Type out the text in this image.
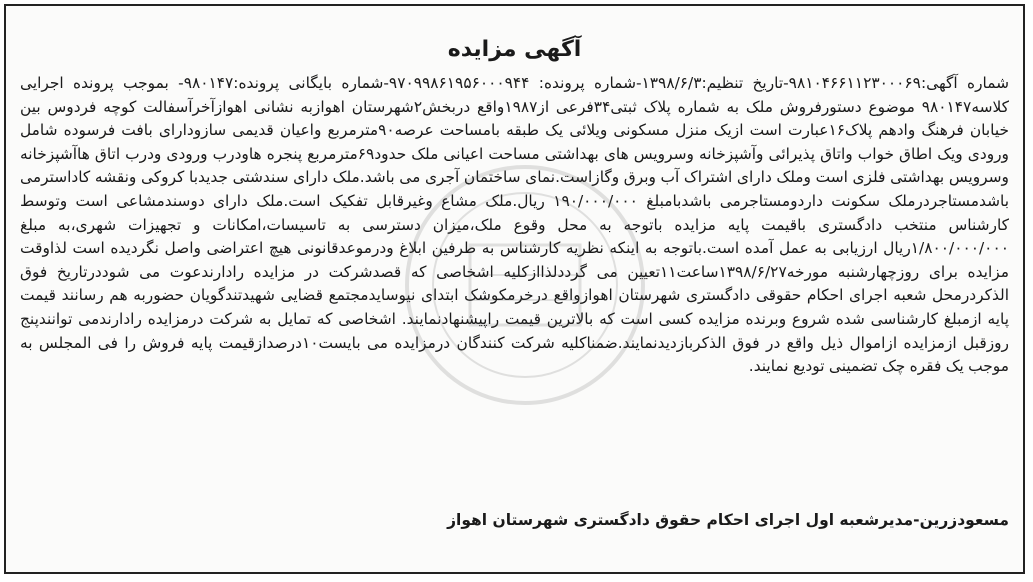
آگهی مزایده
شماره آگهی:۹۸۱۰۴۶۶۱۱۲۳۰۰۰۶۹-تاریخ تنظیم:۱۳۹۸/۶/۳-شماره پرونده: ۹۷۰۹۹۸۶۱۹۵۶۰۰۰۹۴۴-شماره بایگانی پرونده:۹۸۰۱۴۷- بموجب پرونده اجرایی کلاسه۹۸۰۱۴۷ موضوع دستورفروش ملک به شماره پلاک ثبتی۳۴فرعی از۱۹۸۷واقع دربخش۲شهرستان اهوازبه نشانی اهوازآخرآسفالت کوچه فردوس بین خیابان فرهنگ وادهم پلاک۱۶عبارت است ازیک منزل مسکونی ویلائی یک طبقه بامساحت عرصه۹۰مترمربع واعیان قدیمی سازودارای بافت فرسوده شامل ورودی ویک اطاق خواب واتاق پذیرائی وآشپزخانه وسرویس های بهداشتی مساحت اعیانی ملک حدود۶۹مترمربع پنجره هاودرب ورودی ودرب اتاق هاآشپزخانه وسرویس بهداشتی فلزی است وملک دارای اشتراک آب وبرق وگازاست.نمای ساختمان آجری می باشد.ملک دارای سندشتی جدیدبا کروکی ونقشه کاداسترمی باشدمستاجردرملک سکونت داردومستاجرمی باشدبامبلغ ۱۹۰/۰۰۰/۰۰۰ ریال.ملک مشاع وغیرقابل تفکیک است.ملک دارای دوسندمشاعی است وتوسط کارشناس منتخب دادگستری باقیمت پایه مزایده باتوجه به محل وقوع ملک،میزان دسترسی به تاسیسات،امکانات و تجهیزات شهری،به مبلغ ۱/۸۰۰/۰۰۰/۰۰۰ریال ارزیابی به عمل آمده است.باتوجه به اینکه نظریه کارشناس به طرفین ابلاغ ودرموعدقانونی هیچ اعتراضی واصل نگردیده است لذاوقت مزایده برای روزچهارشنبه مورخه۱۳۹۸/۶/۲۷ساعت۱۱تعیین می گرددلذاازکلیه اشخاصی که قصدشرکت در مزایده رادارندعوت می شوددرتاریخ فوق الذکردرمحل شعبه اجرای احکام حقوقی دادگستری شهرستان اهوازواقع درخرمکوشک ابتدای نیوسایدمجتمع قضایی شهیدتندگویان حضوربه هم رسانند قیمت پایه ازمبلغ کارشناسی شده شروع وبرنده مزایده کسی است که بالاترین قیمت راپیشنهادنمایند. اشخاصی که تمایل به شرکت درمزایده رادارندمی توانندپنج روزقبل ازمزایده ازاموال ذیل واقع در فوق الذکربازدیدنمایند.ضمناکلیه شرکت کنندگان درمزایده می بایست۱۰درصدازقیمت پایه فروش را فی المجلس به موجب یک فقره چک تضمینی تودیع نمایند.
مسعودزرین-مدیرشعبه اول اجرای احکام حقوق دادگستری شهرستان اهواز
